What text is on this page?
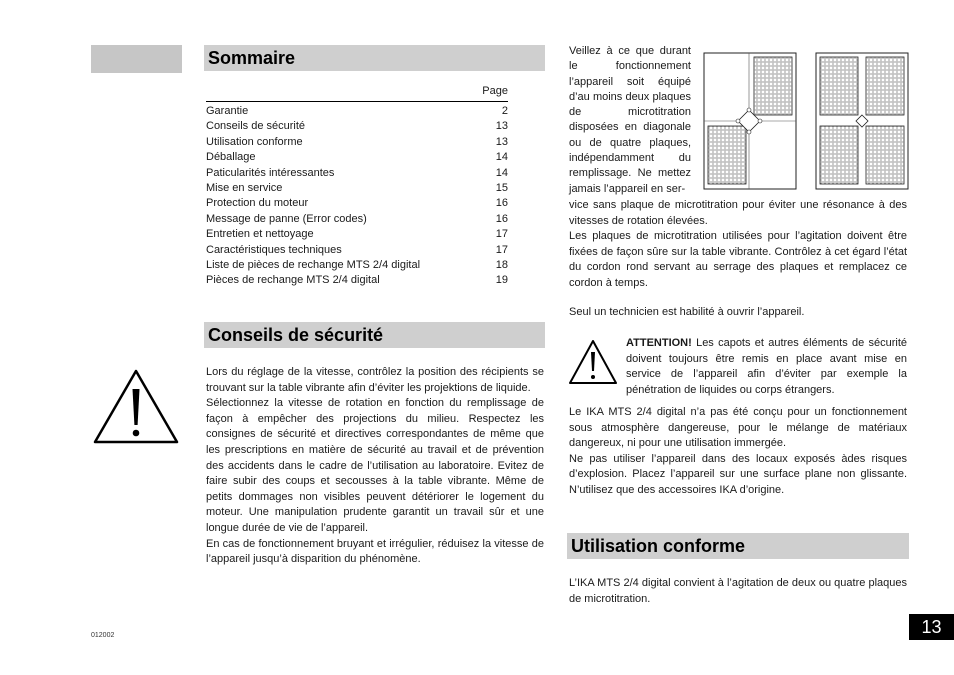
Sommaire
Page
Garantie	2
Conseils de sécurité	13
Utilisation conforme	13
Déballage	14
Paticularités intéressantes	14
Mise en service	15
Protection du moteur	16
Message de panne (Error codes)	16
Entretien et nettoyage	17
Caractéristiques techniques	17
Liste de pièces de rechange MTS 2/4 digital	18
Pièces de rechange MTS 2/4 digital	19
Conseils de sécurité

Lors du réglage de la vitesse, contrôlez la position des récipients se trouvant sur la table vibrante afin d’éviter les projektions de liquide.

Sélectionnez la vitesse de rotation en fonction du remplissage de façon à empêcher des projections du milieu. Respectez les consignes de sécurité et directives correspondantes de même que les prescriptions en matière de sécurité au travail et de prévention des accidents dans le cadre de l’utilisation au laboratoire. Evitez de faire subir des coups et secousses à la table vibrante. Même de petits dommages non visibles peuvent détériorer le logement du moteur. Une manipulation prudente garantit un travail sûr et une longue durée de vie de l’appareil.

En cas de fonctionnement bruyant et irrégulier, réduisez la vitesse de l’appareil jusqu’à disparition du phénomène.

Veillez à ce que durant le fonctionnement l’appareil soit équipé d’au moins deux plaques de microtitration disposées en diagonale ou de quatre plaques, indépendamment du remplissage. Ne mettez jamais l’appareil en ser-

vice sans plaque de microtitration pour éviter une résonance à des vitesses de rotation élevées.

Les plaques de microtitration utilisées pour l’agitation doivent être fixées de façon sûre sur la table vibrante. Contrôlez à cet égard l’état du cordon rond servant au serrage des plaques et remplacez ce cordon à temps.

Seul un technicien est habilité à ouvrir l’appareil.

ATTENTION! Les capots et autres éléments de sécurité doivent toujours être remis en place avant mise en service de l’appareil afin d’éviter par exemple la pénétration de liquides ou corps étrangers.

Le IKA MTS 2/4 digital n’a pas été conçu pour un fonctionnement sous atmosphère dangereuse, pour le mélange de matériaux dangereux, ni pour une utilisation immergée.

Ne pas utiliser l’appareil dans des locaux exposés àdes risques d’explosion. Placez l’appareil sur une surface plane non glissante. N’utilisez que des accessoires IKA d’origine.

Utilisation conforme

L’IKA MTS 2/4 digital convient à l’agitation de deux ou quatre plaques de microtitration.

13
012002
